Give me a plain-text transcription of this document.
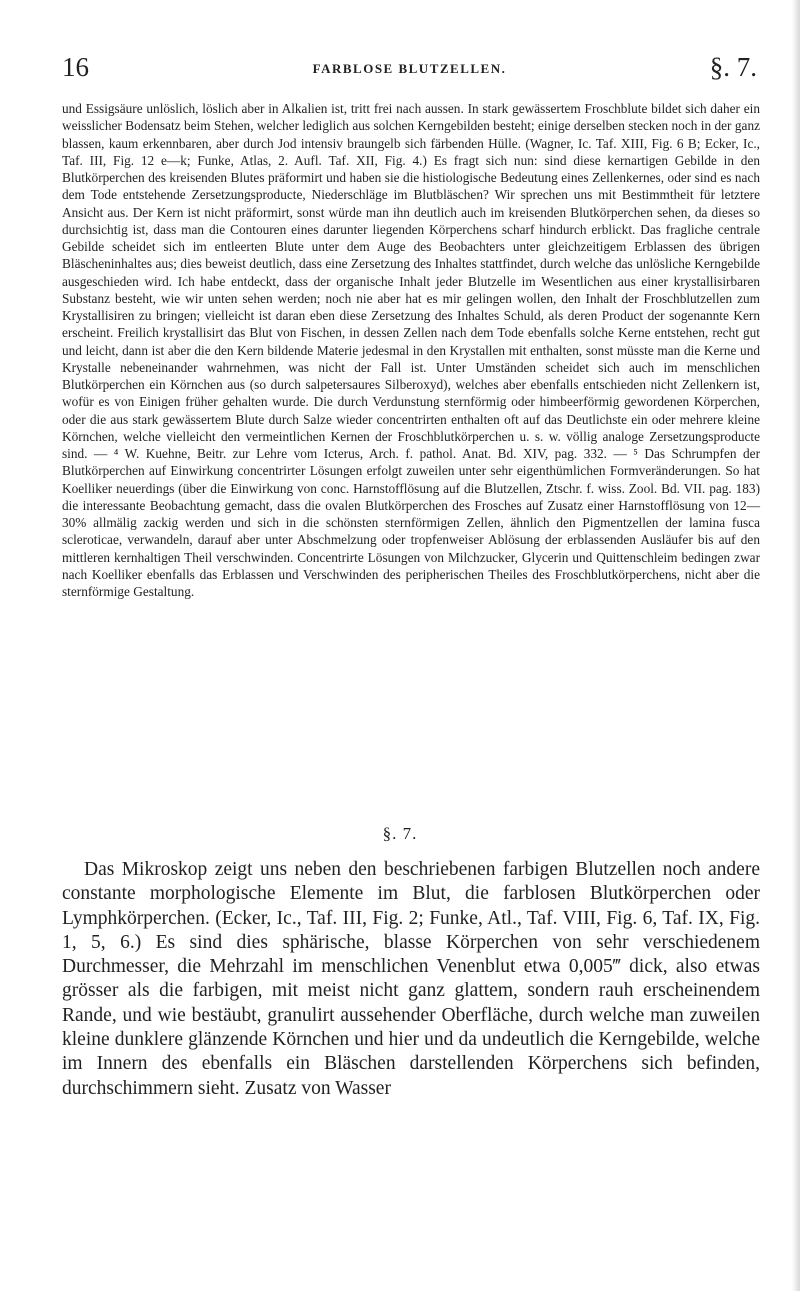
16	FARBLOSE BLUTZELLEN.	§. 7.

und Essigsäure unlöslich, löslich aber in Alkalien ist, tritt frei nach aussen. In stark gewässertem Froschblute bildet sich daher ein weisslicher Bodensatz beim Stehen, welcher lediglich aus solchen Kerngebilden besteht; einige derselben stecken noch in der ganz blassen, kaum erkennbaren, aber durch Jod intensiv braungelb sich färbenden Hülle. (Wagner, Ic. Taf. XIII, Fig. 6 B; Ecker, Ic., Taf. III, Fig. 12 e—k; Funke, Atlas, 2. Aufl. Taf. XII, Fig. 4.) Es fragt sich nun: sind diese kernartigen Gebilde in den Blutkörperchen des kreisenden Blutes präformirt und haben sie die histiologische Bedeutung eines Zellenkernes, oder sind es nach dem Tode entstehende Zersetzungsproducte, Niederschläge im Blutbläschen? Wir sprechen uns mit Bestimmtheit für letztere Ansicht aus. Der Kern ist nicht präformirt, sonst würde man ihn deutlich auch im kreisenden Blutkörperchen sehen, da dieses so durchsichtig ist, dass man die Contouren eines darunter liegenden Körperchens scharf hindurch erblickt. Das fragliche centrale Gebilde scheidet sich im entleerten Blute unter dem Auge des Beobachters unter gleichzeitigem Erblassen des übrigen Bläscheninhaltes aus; dies beweist deutlich, dass eine Zersetzung des Inhaltes stattfindet, durch welche das unlösliche Kerngebilde ausgeschieden wird. Ich habe entdeckt, dass der organische Inhalt jeder Blutzelle im Wesentlichen aus einer krystallisirbaren Substanz besteht, wie wir unten sehen werden; noch nie aber hat es mir gelingen wollen, den Inhalt der Froschblutzellen zum Krystallisiren zu bringen; vielleicht ist daran eben diese Zersetzung des Inhaltes Schuld, als deren Product der sogenannte Kern erscheint. Freilich krystallisirt das Blut von Fischen, in dessen Zellen nach dem Tode ebenfalls solche Kerne entstehen, recht gut und leicht, dann ist aber die den Kern bildende Materie jedesmal in den Krystallen mit enthalten, sonst müsste man die Kerne und Krystalle nebeneinander wahrnehmen, was nicht der Fall ist. Unter Umständen scheidet sich auch im menschlichen Blutkörperchen ein Körnchen aus (so durch salpetersaures Silberoxyd), welches aber ebenfalls entschieden nicht Zellenkern ist, wofür es von Einigen früher gehalten wurde. Die durch Verdunstung sternförmig oder himbeerförmig gewordenen Körperchen, oder die aus stark gewässertem Blute durch Salze wieder concentrirten enthalten oft auf das Deutlichste ein oder mehrere kleine Körnchen, welche vielleicht den vermeintlichen Kernen der Froschblutkörperchen u. s. w. völlig analoge Zersetzungsproducte sind. — ⁴ W. Kuehne, Beitr. zur Lehre vom Icterus, Arch. f. pathol. Anat. Bd. XIV, pag. 332. — ⁵ Das Schrumpfen der Blutkörperchen auf Einwirkung concentrirter Lösungen erfolgt zuweilen unter sehr eigenthümlichen Formveränderungen. So hat Koelliker neuerdings (über die Einwirkung von conc. Harnstofflösung auf die Blutzellen, Ztschr. f. wiss. Zool. Bd. VII. pag. 183) die interessante Beobachtung gemacht, dass die ovalen Blutkörperchen des Frosches auf Zusatz einer Harnstofflösung von 12—30% allmälig zackig werden und sich in die schönsten sternförmigen Zellen, ähnlich den Pigmentzellen der lamina fusca scleroticae, verwandeln, darauf aber unter Abschmelzung oder tropfenweiser Ablösung der erblassenden Ausläufer bis auf den mittleren kernhaltigen Theil verschwinden. Concentrirte Lösungen von Milchzucker, Glycerin und Quittenschleim bedingen zwar nach Koelliker ebenfalls das Erblassen und Verschwinden des peripherischen Theiles des Froschblutkörperchens, nicht aber die sternförmige Gestaltung.

§. 7.

Das Mikroskop zeigt uns neben den beschriebenen farbigen Blutzellen noch andere constante morphologische Elemente im Blut, die farblosen Blutkörperchen oder Lymphkörperchen. (Ecker, Ic., Taf. III, Fig. 2; Funke, Atl., Taf. VIII, Fig. 6, Taf. IX, Fig. 1, 5, 6.) Es sind dies sphärische, blasse Körperchen von sehr verschiedenem Durchmesser, die Mehrzahl im menschlichen Venenblut etwa 0,005‴ dick, also etwas grösser als die farbigen, mit meist nicht ganz glattem, sondern rauh erscheinendem Rande, und wie bestäubt, granulirt aussehender Oberfläche, durch welche man zuweilen kleine dunklere glänzende Körnchen und hier und da undeutlich die Kerngebilde, welche im Innern des ebenfalls ein Bläschen darstellenden Körperchens sich befinden, durchschimmern sieht. Zusatz von Wasser
